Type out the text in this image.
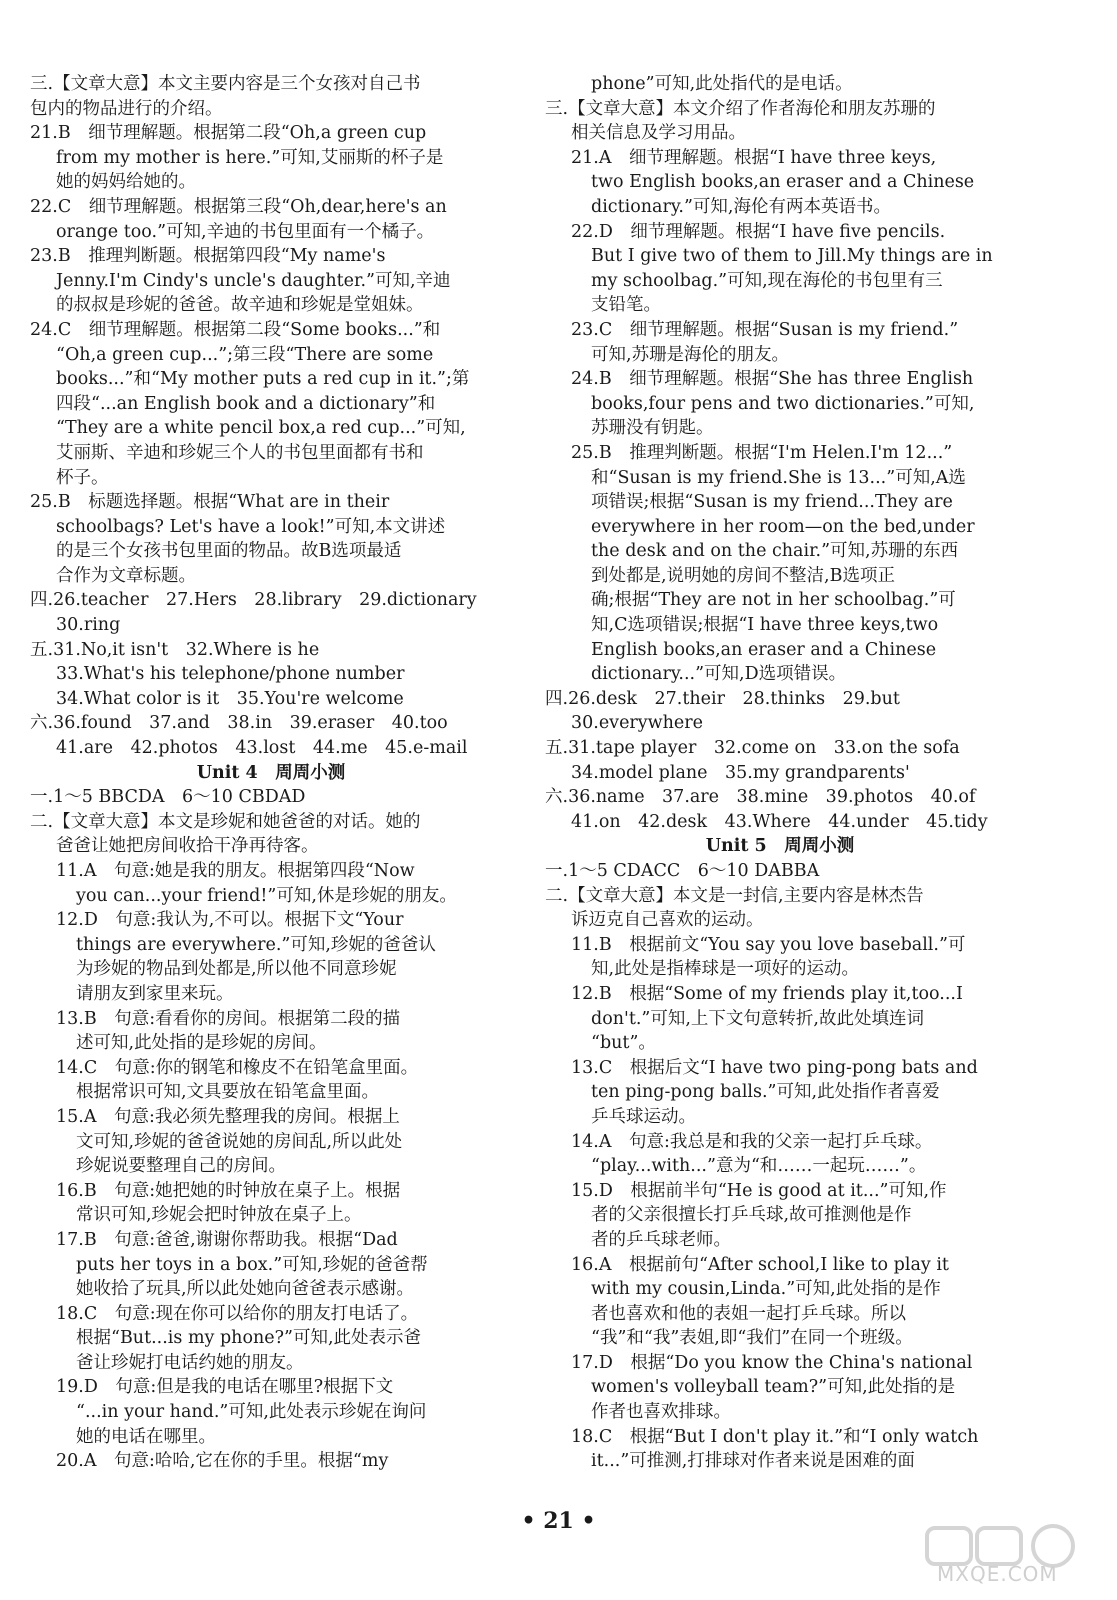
三.【文章大意】本文主要内容是三个女孩对自己书
包内的物品进行的介绍。
21.B　细节理解题。根据第二段“Oh,a green cup
from my mother is here.”可知,艾丽斯的杯子是
她的妈妈给她的。
22.C　细节理解题。根据第三段“Oh,dear,here's an
orange too.”可知,辛迪的书包里面有一个橘子。
23.B　推理判断题。根据第四段“My name's
Jenny.I'm Cindy's uncle's daughter.”可知,辛迪
的叔叔是珍妮的爸爸。故辛迪和珍妮是堂姐妹。
24.C　细节理解题。根据第二段“Some books...”和
“Oh,a green cup...”;第三段“There are some
books...”和“My mother puts a red cup in it.”;第
四段“...an English book and a dictionary”和
“They are a white pencil box,a red cup...”可知,
艾丽斯、辛迪和珍妮三个人的书包里面都有书和
杯子。
25.B　标题选择题。根据“What are in their
schoolbags? Let's have a look!”可知,本文讲述
的是三个女孩书包里面的物品。故B选项最适
合作为文章标题。
四.26.teacher　27.Hers　28.library　29.dictionary
30.ring
五.31.No,it isn't　32.Where is he
33.What's his telephone/phone number
34.What color is it　35.You're welcome
六.36.found　37.and　38.in　39.eraser　40.too
41.are　42.photos　43.lost　44.me　45.e-mail
Unit 4　周周小测
一.1～5 BBCDA　6～10 CBDAD
二.【文章大意】本文是珍妮和她爸爸的对话。她的
爸爸让她把房间收拾干净再待客。
11.A　句意:她是我的朋友。根据第四段“Now
you can...your friend!”可知,休是珍妮的朋友。
12.D　句意:我认为,不可以。根据下文“Your
things are everywhere.”可知,珍妮的爸爸认
为珍妮的物品到处都是,所以他不同意珍妮
请朋友到家里来玩。
13.B　句意:看看你的房间。根据第二段的描
述可知,此处指的是珍妮的房间。
14.C　句意:你的钢笔和橡皮不在铅笔盒里面。
根据常识可知,文具要放在铅笔盒里面。
15.A　句意:我必须先整理我的房间。根据上
文可知,珍妮的爸爸说她的房间乱,所以此处
珍妮说要整理自己的房间。
16.B　句意:她把她的时钟放在桌子上。根据
常识可知,珍妮会把时钟放在桌子上。
17.B　句意:爸爸,谢谢你帮助我。根据“Dad
puts her toys in a box.”可知,珍妮的爸爸帮
她收拾了玩具,所以此处她向爸爸表示感谢。
18.C　句意:现在你可以给你的朋友打电话了。
根据“But...is my phone?”可知,此处表示爸
爸让珍妮打电话约她的朋友。
19.D　句意:但是我的电话在哪里?根据下文
“...in your hand.”可知,此处表示珍妮在询问
她的电话在哪里。
20.A　句意:哈哈,它在你的手里。根据“my
phone”可知,此处指代的是电话。
三.【文章大意】本文介绍了作者海伦和朋友苏珊的
相关信息及学习用品。
21.A　细节理解题。根据“I have three keys,
two English books,an eraser and a Chinese
dictionary.”可知,海伦有两本英语书。
22.D　细节理解题。根据“I have five pencils.
But I give two of them to Jill.My things are in
my schoolbag.”可知,现在海伦的书包里有三
支铅笔。
23.C　细节理解题。根据“Susan is my friend.”
可知,苏珊是海伦的朋友。
24.B　细节理解题。根据“She has three English
books,four pens and two dictionaries.”可知,
苏珊没有钥匙。
25.B　推理判断题。根据“I'm Helen.I'm 12...”
和“Susan is my friend.She is 13...”可知,A选
项错误;根据“Susan is my friend...They are
everywhere in her room—on the bed,under
the desk and on the chair.”可知,苏珊的东西
到处都是,说明她的房间不整洁,B选项正
确;根据“They are not in her schoolbag.”可
知,C选项错误;根据“I have three keys,two
English books,an eraser and a Chinese
dictionary...”可知,D选项错误。
四.26.desk　27.their　28.thinks　29.but
30.everywhere
五.31.tape player　32.come on　33.on the sofa
34.model plane　35.my grandparents'
六.36.name　37.are　38.mine　39.photos　40.of
41.on　42.desk　43.Where　44.under　45.tidy
Unit 5　周周小测
一.1～5 CDACC　6～10 DABBA
二.【文章大意】本文是一封信,主要内容是林杰告
诉迈克自己喜欢的运动。
11.B　根据前文“You say you love baseball.”可
知,此处是指棒球是一项好的运动。
12.B　根据“Some of my friends play it,too...I
don't.”可知,上下文句意转折,故此处填连词
“but”。
13.C　根据后文“I have two ping-pong bats and
ten ping-pong balls.”可知,此处指作者喜爱
乒乓球运动。
14.A　句意:我总是和我的父亲一起打乒乓球。
“play...with...”意为“和……一起玩……”。
15.D　根据前半句“He is good at it...”可知,作
者的父亲很擅长打乒乓球,故可推测他是作
者的乒乓球老师。
16.A　根据前句“After school,I like to play it
with my cousin,Linda.”可知,此处指的是作
者也喜欢和他的表姐一起打乒乓球。所以
“我”和“我”表姐,即“我们”在同一个班级。
17.D　根据“Do you know the China's national
women's volleyball team?”可知,此处指的是
作者也喜欢排球。
18.C　根据“But I don't play it.”和“I only watch
it...”可推测,打排球对作者来说是困难的面
• 21 •
MXQE.COM
